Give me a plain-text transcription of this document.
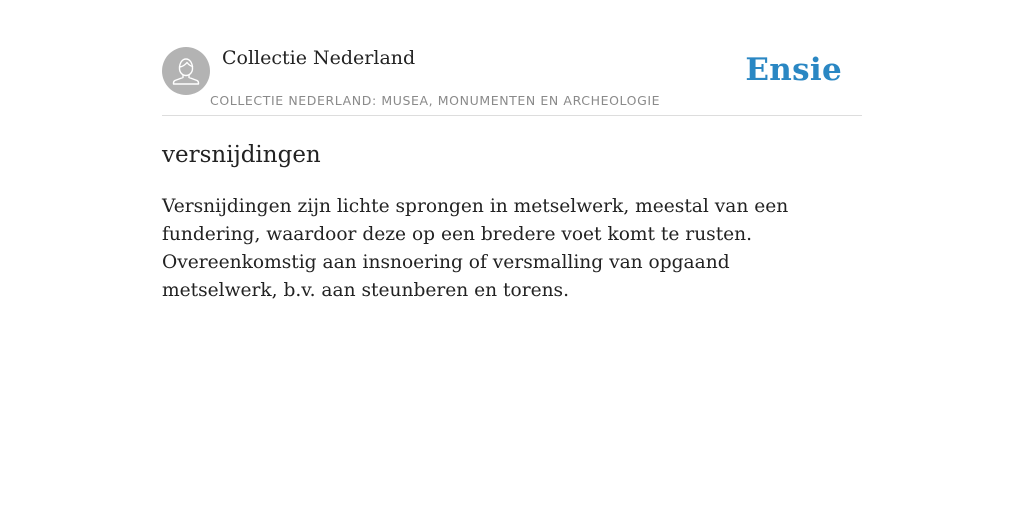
Collectie Nederland
COLLECTIE NEDERLAND: MUSEA, MONUMENTEN EN ARCHEOLOGIE
Ensie
versnijdingen

Versnijdingen zijn lichte sprongen in metselwerk, meestal van een fundering, waardoor deze op een bredere voet komt te rusten. Overeenkomstig aan insnoering of versmalling van opgaand metselwerk, b.v. aan steunberen en torens.
